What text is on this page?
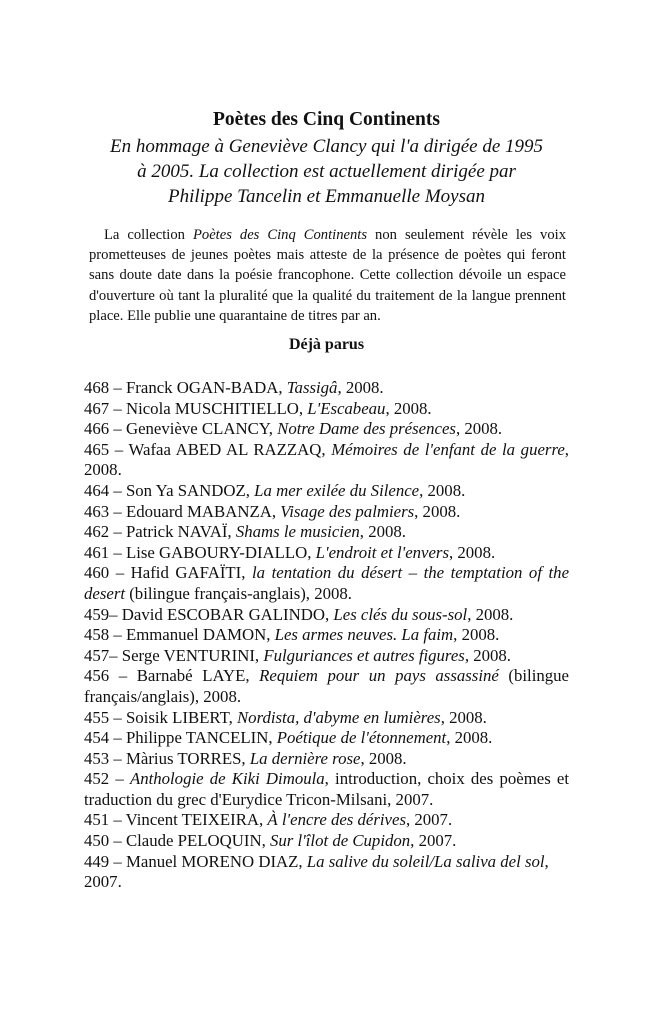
Poètes des Cinq Continents

En hommage à Geneviève Clancy qui l'a dirigée de 1995
à 2005. La collection est actuellement dirigée par
Philippe Tancelin et Emmanuelle Moysan

La collection Poètes des Cinq Continents non seulement révèle les voix prometteuses de jeunes poètes mais atteste de la présence de poètes qui feront sans doute date dans la poésie francophone. Cette collection dévoile un espace d'ouverture où tant la pluralité que la qualité du traitement de la langue prennent place. Elle publie une quarantaine de titres par an.

Déjà parus
468 – Franck OGAN-BADA, Tassigâ, 2008.
467 – Nicola MUSCHITIELLO, L'Escabeau, 2008.
466 – Geneviève CLANCY, Notre Dame des présences, 2008.
465 – Wafaa ABED AL RAZZAQ, Mémoires de l'enfant de la guerre, 2008.
464 – Son Ya SANDOZ, La mer exilée du Silence, 2008.
463 – Edouard MABANZA, Visage des palmiers, 2008.
462 – Patrick NAVAÏ, Shams le musicien, 2008.
461 – Lise GABOURY-DIALLO, L'endroit et l'envers, 2008.
460 – Hafid GAFAÏTI, la tentation du désert – the temptation of the desert (bilingue français-anglais), 2008.
459– David ESCOBAR GALINDO, Les clés du sous-sol, 2008.
458 – Emmanuel DAMON, Les armes neuves. La faim, 2008.
457– Serge VENTURINI, Fulguriances et autres figures, 2008.
456 – Barnabé LAYE, Requiem pour un pays assassiné (bilingue français/anglais), 2008.
455 – Soisik LIBERT, Nordista, d'abyme en lumières, 2008.
454 – Philippe TANCELIN, Poétique de l'étonnement, 2008.
453 – Màrius TORRES, La dernière rose, 2008.
452 – Anthologie de Kiki Dimoula, introduction, choix des poèmes et traduction du grec d'Eurydice Tricon-Milsani, 2007.
451 – Vincent TEIXEIRA, À l'encre des dérives, 2007.
450 – Claude PELOQUIN, Sur l'îlot de Cupidon, 2007.
449 – Manuel MORENO DIAZ, La salive du soleil/La saliva del sol, 2007.
